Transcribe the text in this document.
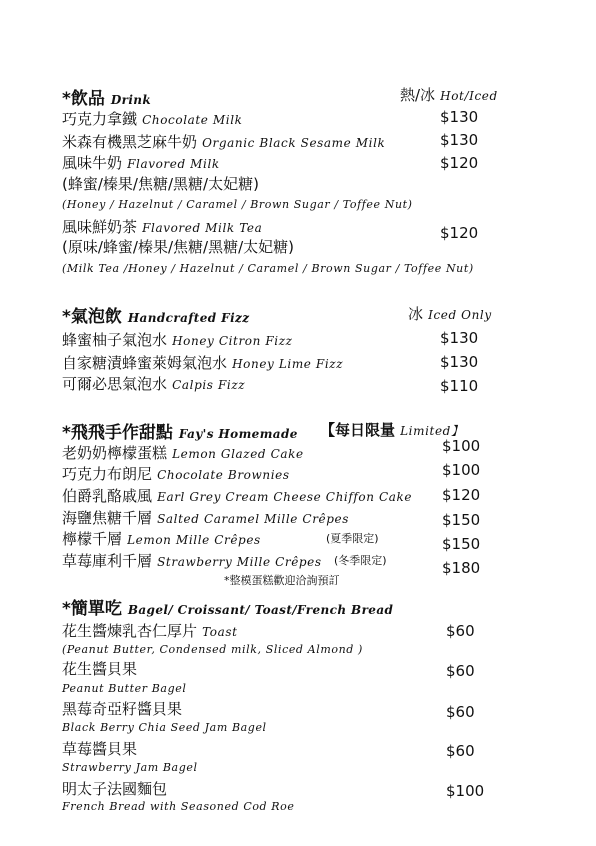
*飲品 Drink	熱/冰 Hot/Iced
巧克力拿鐵 Chocolate Milk	$130
米森有機黑芝麻牛奶 Organic Black Sesame Milk	$130
風味牛奶 Flavored Milk	$120
(蜂蜜/榛果/焦糖/黑糖/太妃糖)
(Honey / Hazelnut / Caramel / Brown Sugar / Toffee Nut)
風味鮮奶茶 Flavored Milk Tea	$120
(原味/蜂蜜/榛果/焦糖/黑糖/太妃糖)
(Milk Tea /Honey / Hazelnut / Caramel / Brown Sugar / Toffee Nut)
*氣泡飲 Handcrafted Fizz	冰 Iced Only
蜂蜜柚子氣泡水 Honey Citron Fizz	$130
自家糖漬蜂蜜萊姆氣泡水 Honey Lime Fizz	$130
可爾必思氣泡水 Calpis Fizz	$110
*飛飛手作甜點 Fay's Homemade 【每日限量 Limited】
老奶奶檸檬蛋糕 Lemon Glazed Cake	$100
巧克力布朗尼 Chocolate Brownies	$100
伯爵乳酪戚風 Earl Grey Cream Cheese Chiffon Cake $120
海鹽焦糖千層 Salted Caramel Mille Crêpes	$150
檸檬千層 Lemon Mille Crêpes	(夏季限定)	$150
草莓庫利千層 Strawberry Mille Crêpes (冬季限定)	$180
*整模蛋糕歡迎洽詢預訂
*簡單吃 Bagel/ Croissant/ Toast/French Bread
花生醬煉乳杏仁厚片 Toast	$60
(Peanut Butter, Condensed milk, Sliced Almond )
花生醬貝果	$60
Peanut Butter Bagel
黑莓奇亞籽醬貝果	$60
Black Berry Chia Seed Jam Bagel
草莓醬貝果	$60
Strawberry Jam Bagel
明太子法國麵包	$100
French Bread with Seasoned Cod Roe
